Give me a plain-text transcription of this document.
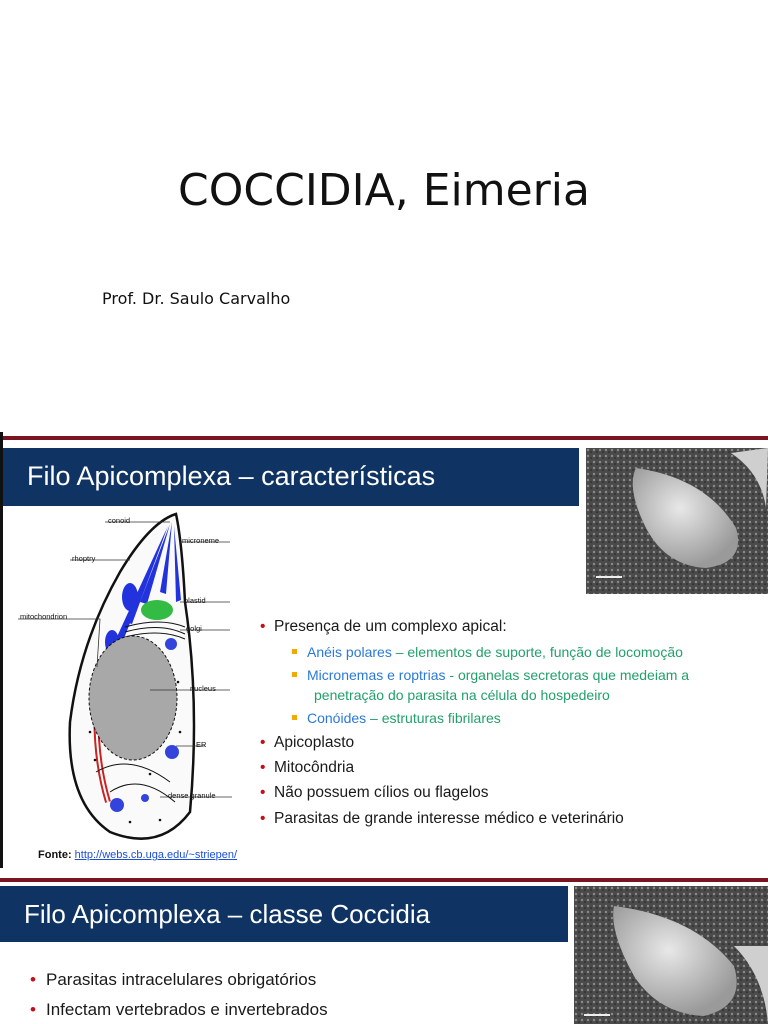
COCCIDIA, Eimeria
Prof. Dr. Saulo Carvalho
Filo Apicomplexa – características
conoid
microneme
rhoptry
plastid
golgi
mitochondrion
nucleus
ER
dense granule
• Presença de um complexo apical:
Anéis polares – elementos de suporte, função de locomoção
Micronemas e roptrias - organelas secretoras que medeiam a
penetração do parasita na célula do hospedeiro
Conóides – estruturas fibrilares
• Apicoplasto
• Mitocôndria
• Não possuem cílios ou flagelos
• Parasitas de grande interesse médico e veterinário
Fonte: http://webs.cb.uga.edu/~striepen/
Filo Apicomplexa – classe Coccidia
• Parasitas intracelulares obrigatórios
• Infectam vertebrados e invertebrados
